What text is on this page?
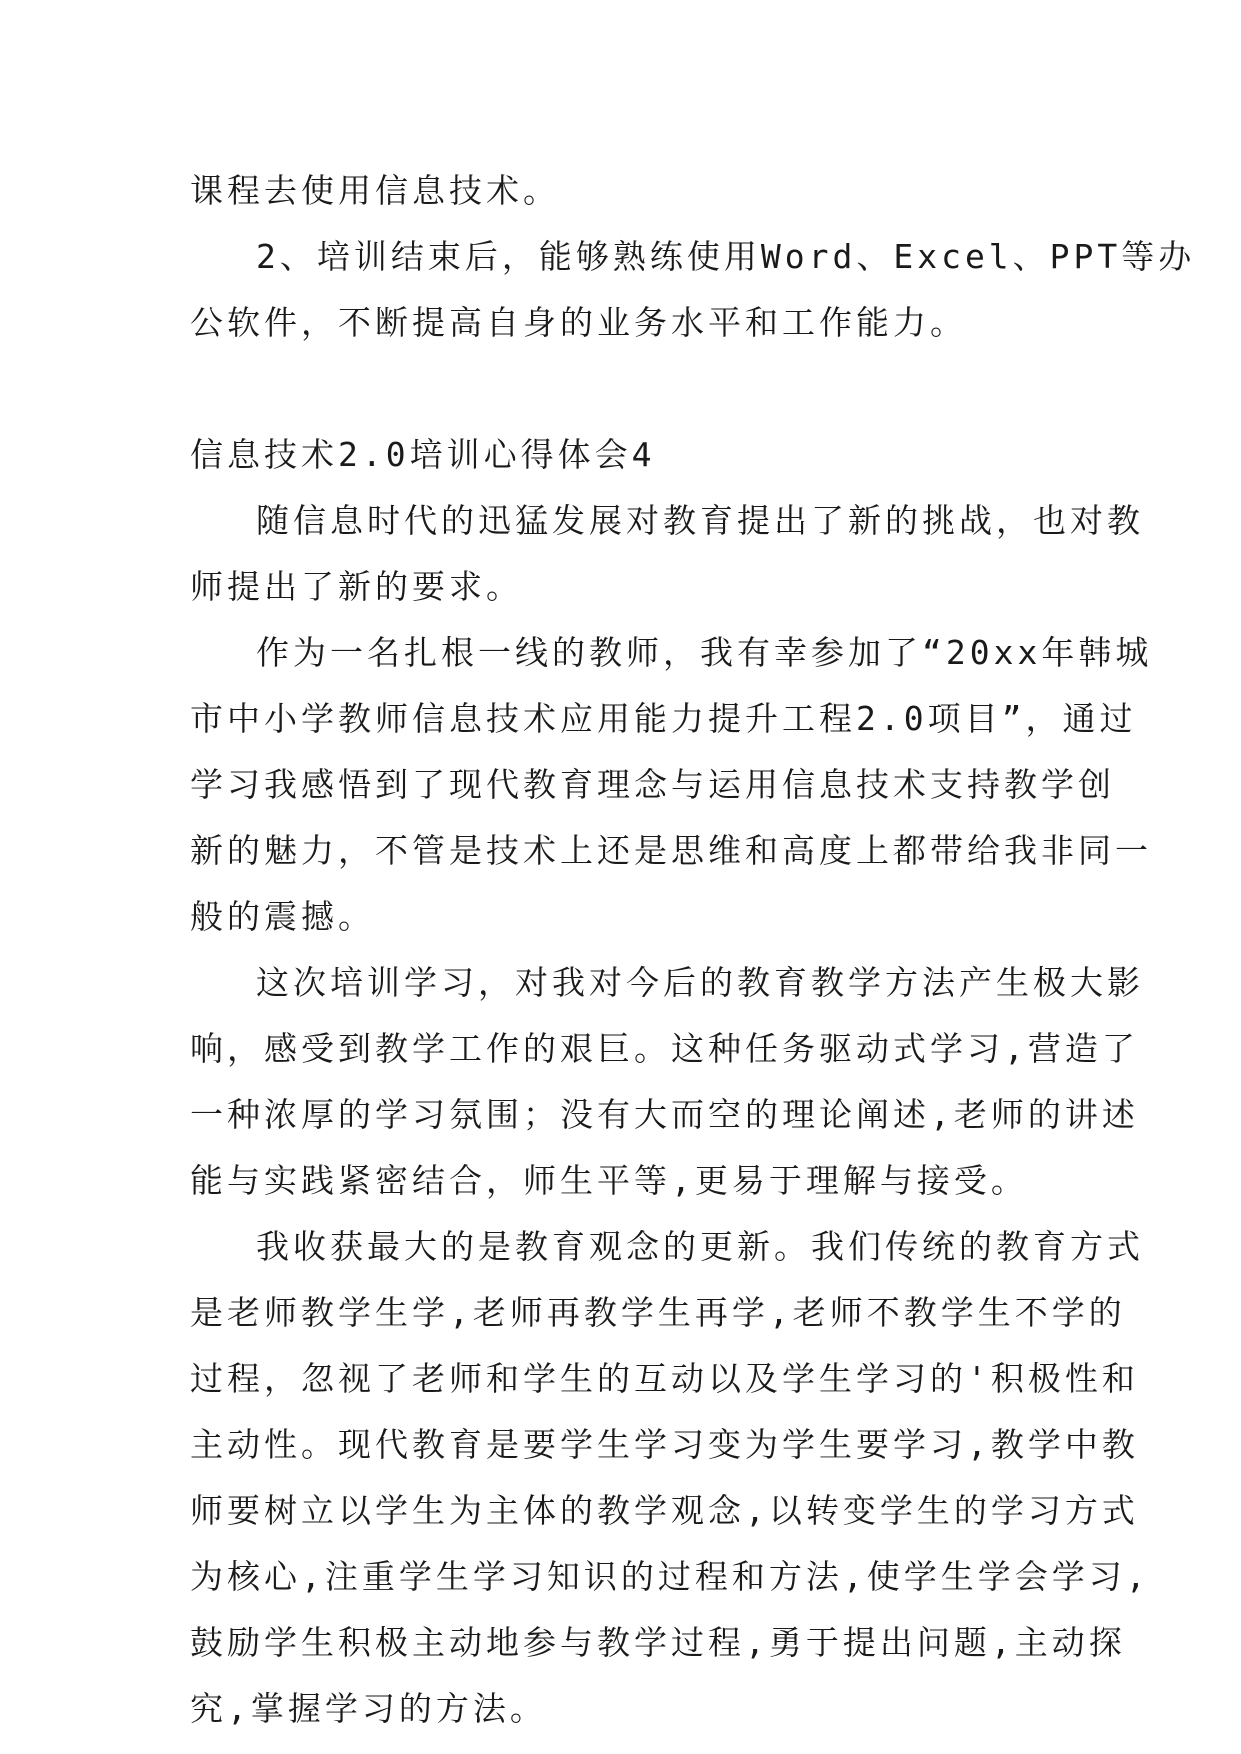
课程去使用信息技术。
2、培训结束后，能够熟练使用Word、Excel、PPT等办
公软件，不断提高自身的业务水平和工作能力。
信息技术2.0培训心得体会4
随信息时代的迅猛发展对教育提出了新的挑战，也对教
师提出了新的要求。
作为一名扎根一线的教师，我有幸参加了“20xx年韩城
市中小学教师信息技术应用能力提升工程2.0项目”，通过
学习我感悟到了现代教育理念与运用信息技术支持教学创
新的魅力，不管是技术上还是思维和高度上都带给我非同一
般的震撼。
这次培训学习，对我对今后的教育教学方法产生极大影
响，感受到教学工作的艰巨。这种任务驱动式学习,营造了
一种浓厚的学习氛围；没有大而空的理论阐述,老师的讲述
能与实践紧密结合，师生平等,更易于理解与接受。
我收获最大的是教育观念的更新。我们传统的教育方式
是老师教学生学,老师再教学生再学,老师不教学生不学的
过程，忽视了老师和学生的互动以及学生学习的'积极性和
主动性。现代教育是要学生学习变为学生要学习,教学中教
师要树立以学生为主体的教学观念,以转变学生的学习方式
为核心,注重学生学习知识的过程和方法,使学生学会学习,
鼓励学生积极主动地参与教学过程,勇于提出问题,主动探
究,掌握学习的方法。
